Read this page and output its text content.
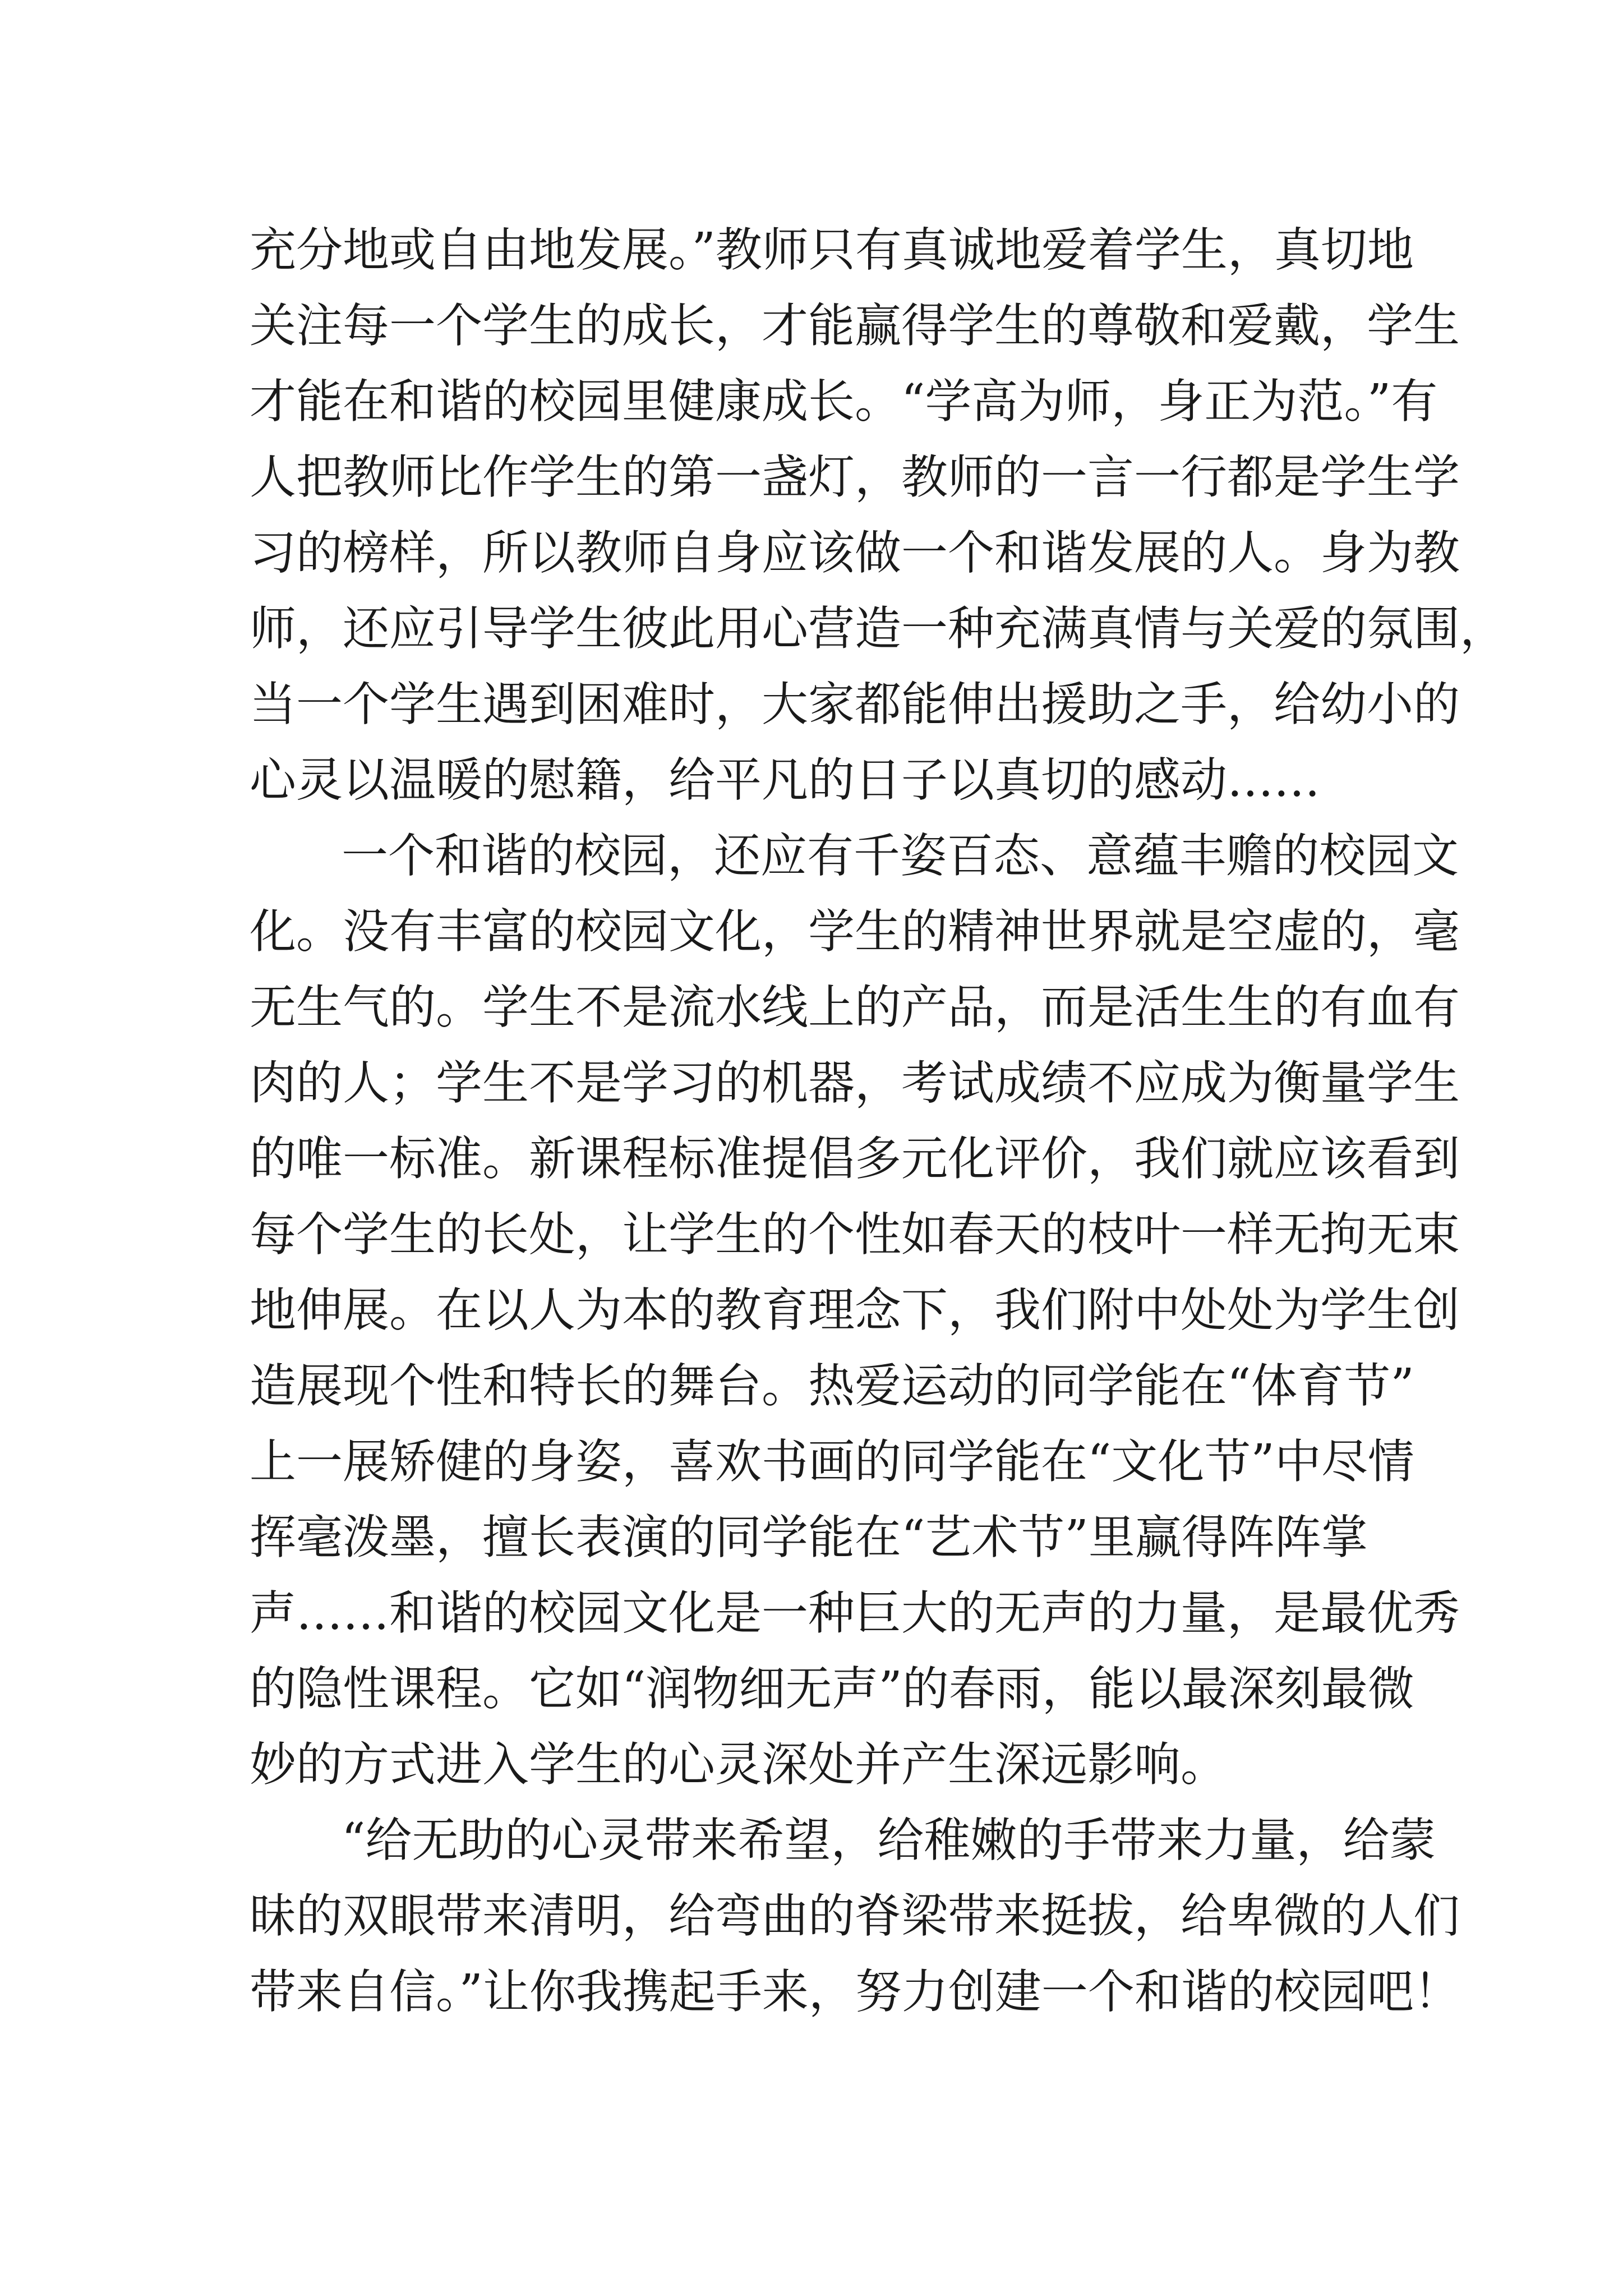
充分地或自由地发展。”教师只有真诚地爱着学生，真切地
关注每一个学生的成长，才能赢得学生的尊敬和爱戴，学生
才能在和谐的校园里健康成长。“学高为师，身正为范。”有
人把教师比作学生的第一盏灯，教师的一言一行都是学生学
习的榜样，所以教师自身应该做一个和谐发展的人。身为教
师，还应引导学生彼此用心营造一种充满真情与关爱的氛围，
当一个学生遇到困难时，大家都能伸出援助之手，给幼小的
心灵以温暖的慰籍，给平凡的日子以真切的感动……
一个和谐的校园，还应有千姿百态、意蕴丰赡的校园文
化。没有丰富的校园文化，学生的精神世界就是空虚的，毫
无生气的。学生不是流水线上的产品，而是活生生的有血有
肉的人；学生不是学习的机器，考试成绩不应成为衡量学生
的唯一标准。新课程标准提倡多元化评价，我们就应该看到
每个学生的长处，让学生的个性如春天的枝叶一样无拘无束
地伸展。在以人为本的教育理念下，我们附中处处为学生创
造展现个性和特长的舞台。热爱运动的同学能在“体育节”
上一展矫健的身姿，喜欢书画的同学能在“文化节”中尽情
挥毫泼墨，擅长表演的同学能在“艺术节”里赢得阵阵掌
声……和谐的校园文化是一种巨大的无声的力量，是最优秀
的隐性课程。它如“润物细无声”的春雨，能以最深刻最微
妙的方式进入学生的心灵深处并产生深远影响。
“给无助的心灵带来希望，给稚嫩的手带来力量，给蒙
昧的双眼带来清明，给弯曲的脊梁带来挺拔，给卑微的人们
带来自信。”让你我携起手来，努力创建一个和谐的校园吧！
